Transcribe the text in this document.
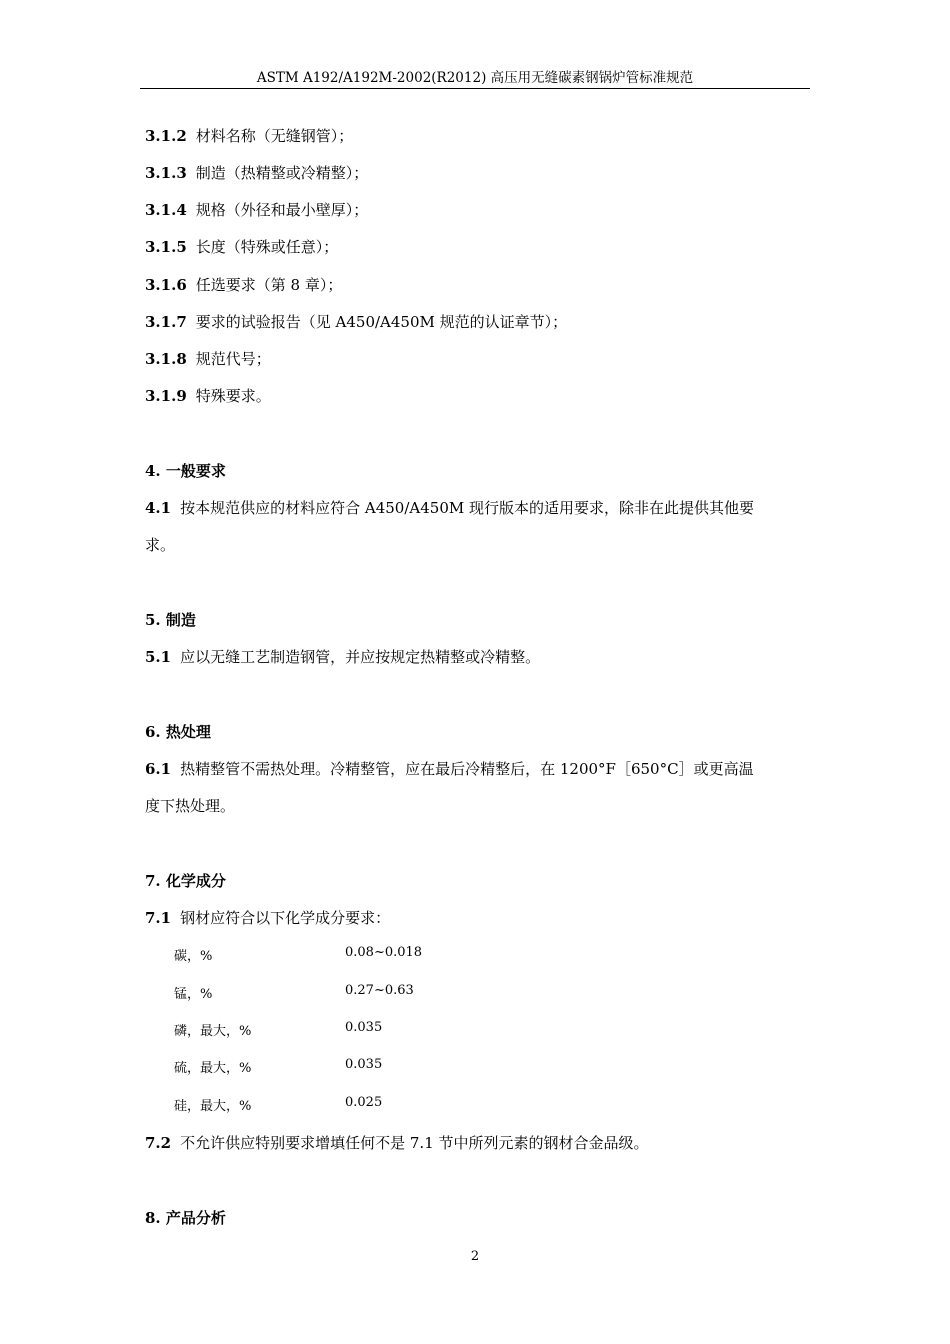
ASTM A192/A192M-2002(R2012) 高压用无缝碳素钢锅炉管标准规范
3.1.2 材料名称（无缝钢管）；
3.1.3 制造（热精整或冷精整）；
3.1.4 规格（外径和最小壁厚）；
3.1.5 长度（特殊或任意）；
3.1.6 任选要求（第 8 章）；
3.1.7 要求的试验报告（见 A450/A450M 规范的认证章节）；
3.1.8 规范代号；
3.1.9 特殊要求。
4. 一般要求
4.1 按本规范供应的材料应符合 A450/A450M 现行版本的适用要求，除非在此提供其他要
求。
5. 制造
5.1 应以无缝工艺制造钢管，并应按规定热精整或冷精整。
6. 热处理
6.1 热精整管不需热处理。冷精整管，应在最后冷精整后，在 1200°F［650°C］或更高温
度下热处理。
7. 化学成分
7.1 钢材应符合以下化学成分要求：
碳，%	0.08~0.018
锰，%	0.27~0.63
磷，最大，%	0.035
硫，最大，%	0.035
硅，最大，%	0.025
7.2 不允许供应特别要求增填任何不是 7.1 节中所列元素的钢材合金品级。
8. 产品分析
2
